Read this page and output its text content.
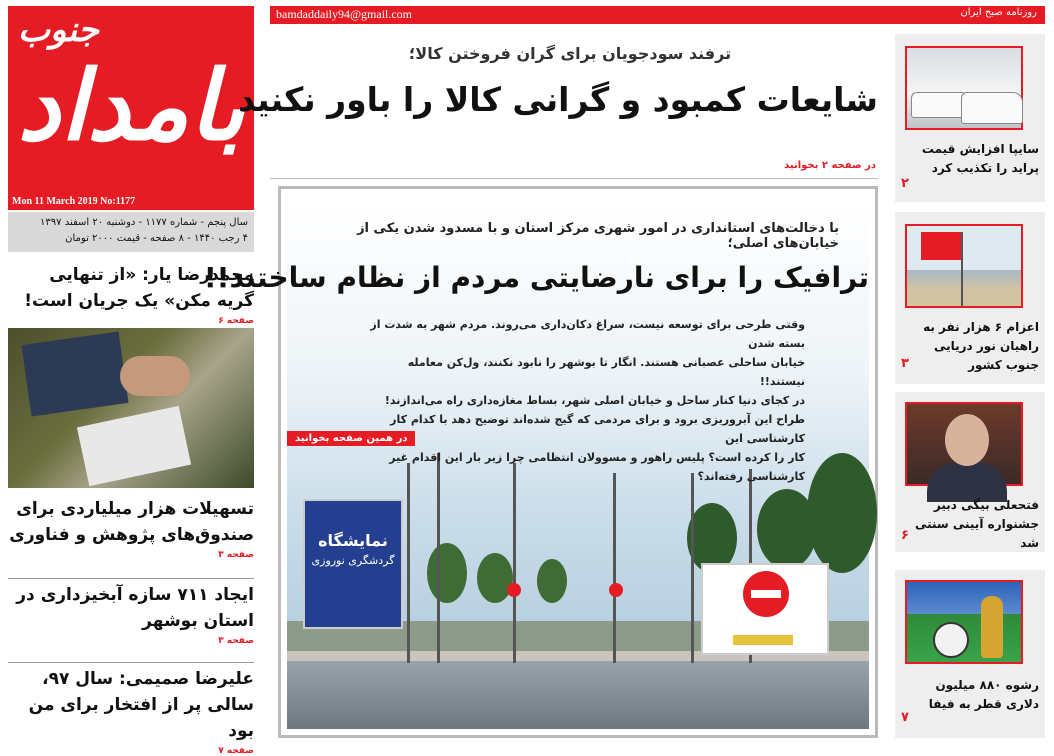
جنوب
بامداد
Mon 11 March 2019 No:1177
سال پنجم - شماره ۱۱۷۷ - دوشنبه ۲۰ اسفند ۱۳۹۷
۴ رجب ۱۴۴۰ - ۸ صفحه - قیمت ۲۰۰۰ تومان
bamdaddaily94@gmail.com	روزنامه صبح ایران
ترفند سودجویان برای گران فروختن کالا؛
شایعات کمبود و گرانی کالا را باور نکنید
در صفحه ۲ بخوانید
نمایشگاه
گردشگری نوروزی
با دخالت‌های استانداری در امور شهری مرکز استان و با مسدود شدن یکی از خیابان‌های اصلی؛
ترافیک را برای نارضایتی مردم از نظام ساختند!!

وقتی طرحی برای توسعه نیست، سراغ دکان‌داری می‌روند. مردم شهر به شدت از بسته شدن

خیابان ساحلی عصبانی هستند. انگار تا بوشهر را نابود نکنند، ول‌کن معامله نیستند!!

در کجای دنیا کنار ساحل و خیابان اصلی شهر، بساط مغازه‌داری راه می‌اندازند!

طراح این آبروریزی برود و برای مردمی که گیج شده‌اند توضیح دهد با کدام کار کارشناسی این

کار را کرده است؟ پلیس راهور و مسوولان انتظامی چرا زیر بار این اقدام غیر کارشناسی رفته‌اند؟

در همین صفحه بخوانید
محمدرضا یار: «از تنهایی گریه مکن» یک جریان است!
صفحه ۶
تسهیلات هزار میلیاردی برای صندوق‌های پژوهش و فناوری
صفحه ۳
ایجاد ۷۱۱ سازه آبخیزداری در استان بوشهر
صفحه ۳
علیرضا صمیمی: سال ۹۷، سالی پر از افتخار برای من بود
صفحه ۷
سایپا افزایش قیمت پراید را تکذیب کرد
۲
اعزام ۶ هزار نفر به راهیان نور دریایی جنوب کشور
۳
فتحعلی بیگی دبیر جشنواره آیینی سنتی شد
۶
رشوه ۸۸۰ میلیون دلاری قطر به فیفا
۷
